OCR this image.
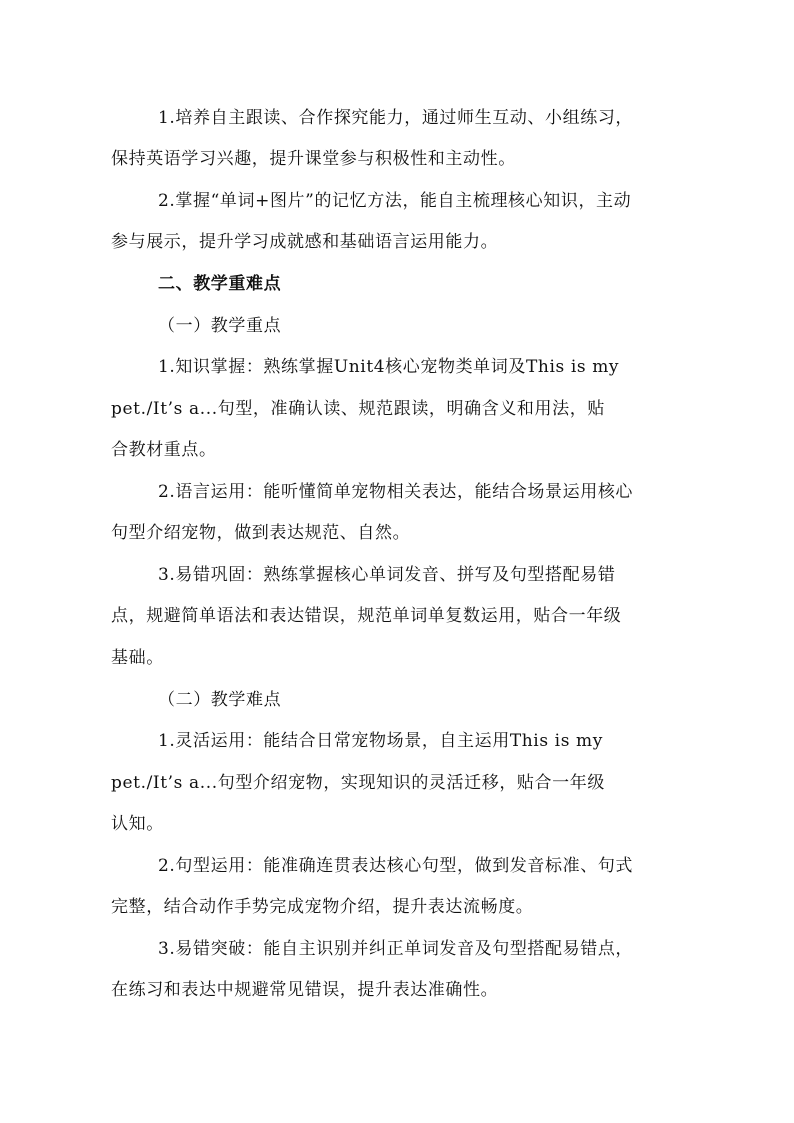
1.培养自主跟读、合作探究能力，通过师生互动、小组练习，
保持英语学习兴趣，提升课堂参与积极性和主动性。
2.掌握“单词+图片”的记忆方法，能自主梳理核心知识，主动
参与展示，提升学习成就感和基础语言运用能力。
二、教学重难点
（一）教学重点
1.知识掌握：熟练掌握Unit4核心宠物类单词及This is my
pet./It’s a...句型，准确认读、规范跟读，明确含义和用法，贴
合教材重点。
2.语言运用：能听懂简单宠物相关表达，能结合场景运用核心
句型介绍宠物，做到表达规范、自然。
3.易错巩固：熟练掌握核心单词发音、拼写及句型搭配易错
点，规避简单语法和表达错误，规范单词单复数运用，贴合一年级
基础。
（二）教学难点
1.灵活运用：能结合日常宠物场景，自主运用This is my
pet./It’s a...句型介绍宠物，实现知识的灵活迁移，贴合一年级
认知。
2.句型运用：能准确连贯表达核心句型，做到发音标准、句式
完整，结合动作手势完成宠物介绍，提升表达流畅度。
3.易错突破：能自主识别并纠正单词发音及句型搭配易错点，
在练习和表达中规避常见错误，提升表达准确性。
